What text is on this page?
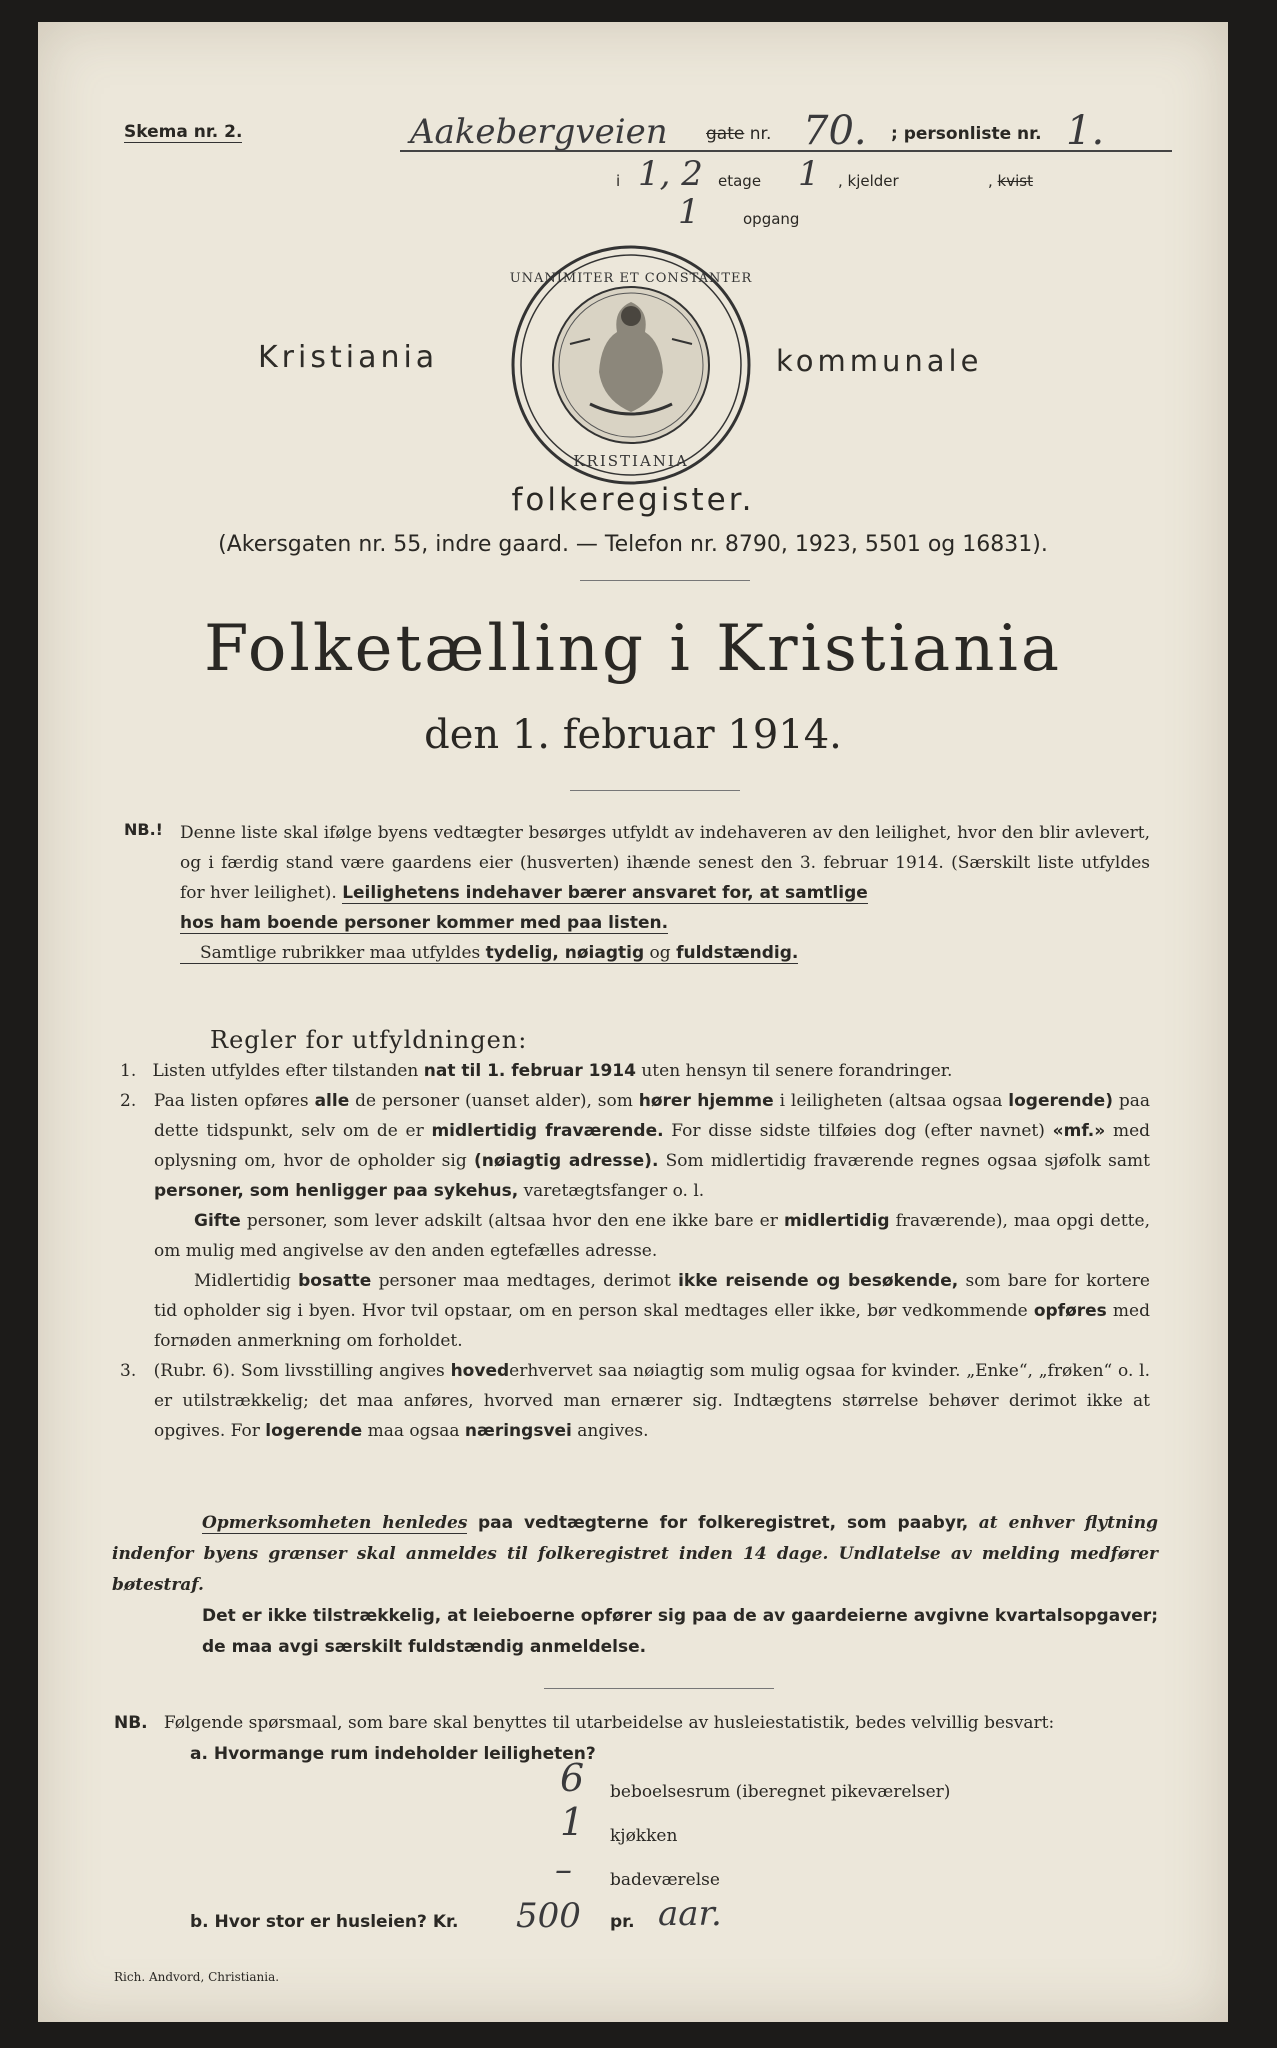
Skema nr. 2.	Aakebergveien gate nr. 70. ; personliste nr. 1.
i 1, 2 etage 1 , kjelder	, kvist
1	opgang
Kristiania
UNANIMITER ET CONSTANTER
KRISTIANIA
kommunale
folkeregister.
(Akersgaten nr. 55, indre gaard. — Telefon nr. 8790, 1923, 5501 og 16831).
Folketælling i Kristiania
den 1. februar 1914.
NB.! Denne liste skal ifølge byens vedtægter besørges utfyldt av indehaveren av den leilighet, hvor den blir avlevert, og i færdig stand være gaardens eier (husverten) ihænde senest den 3. februar 1914. (Særskilt liste utfyldes for hver leilighet). Leilighetens indehaver bærer ansvaret for, at samtlige
hos ham boende personer kommer med paa listen.
Samtlige rubrikker maa utfyldes tydelig, nøiagtig og fuldstændig.
Regler for utfyldningen:
1. Listen utfyldes efter tilstanden nat til 1. februar 1914 uten hensyn til senere forandringer.
2. Paa listen opføres alle de personer (uanset alder), som hører hjemme i leiligheten (altsaa ogsaa logerende) paa dette tidspunkt, selv om de er midlertidig fraværende. For disse sidste tilføies dog (efter navnet) «mf.» med oplysning om, hvor de opholder sig (nøiagtig adresse). Som midlertidig fraværende regnes ogsaa sjøfolk samt personer, som henligger paa sykehus, varetægtsfanger o. l.
Gifte personer, som lever adskilt (altsaa hvor den ene ikke bare er midlertidig fraværende), maa opgi dette, om mulig med angivelse av den anden egtefælles adresse.
Midlertidig bosatte personer maa medtages, derimot ikke reisende og besøkende, som bare for kortere tid opholder sig i byen. Hvor tvil opstaar, om en person skal medtages eller ikke, bør vedkommende opføres med fornøden anmerkning om forholdet.
3. (Rubr. 6). Som livsstilling angives hovederhvervet saa nøiagtig som mulig ogsaa for kvinder. „Enke“, „frøken“ o. l. er utilstrækkelig; det maa anføres, hvorved man ernærer sig. Indtægtens størrelse behøver derimot ikke at opgives. For logerende maa ogsaa næringsvei angives.
Opmerksomheten henledes paa vedtægterne for folkeregistret, som paabyr, at enhver flytning indenfor byens grænser skal anmeldes til folkeregistret inden 14 dage. Undlatelse av melding medfører bøtestraf.

Det er ikke tilstrækkelig, at leieboerne opfører sig paa de av gaardeierne avgivne kvartalsopgaver; de maa avgi særskilt fuldstændig anmeldelse.
NB. Følgende spørsmaal, som bare skal benyttes til utarbeidelse av husleiestatistik, bedes velvillig besvart:
a. Hvormange rum indeholder leiligheten?
6 beboelsesrum (iberegnet pikeværelser)
1 kjøkken
– badeværelse
b. Hvor stor er husleien? Kr. 500 pr. aar.
Rich. Andvord, Christiania.
